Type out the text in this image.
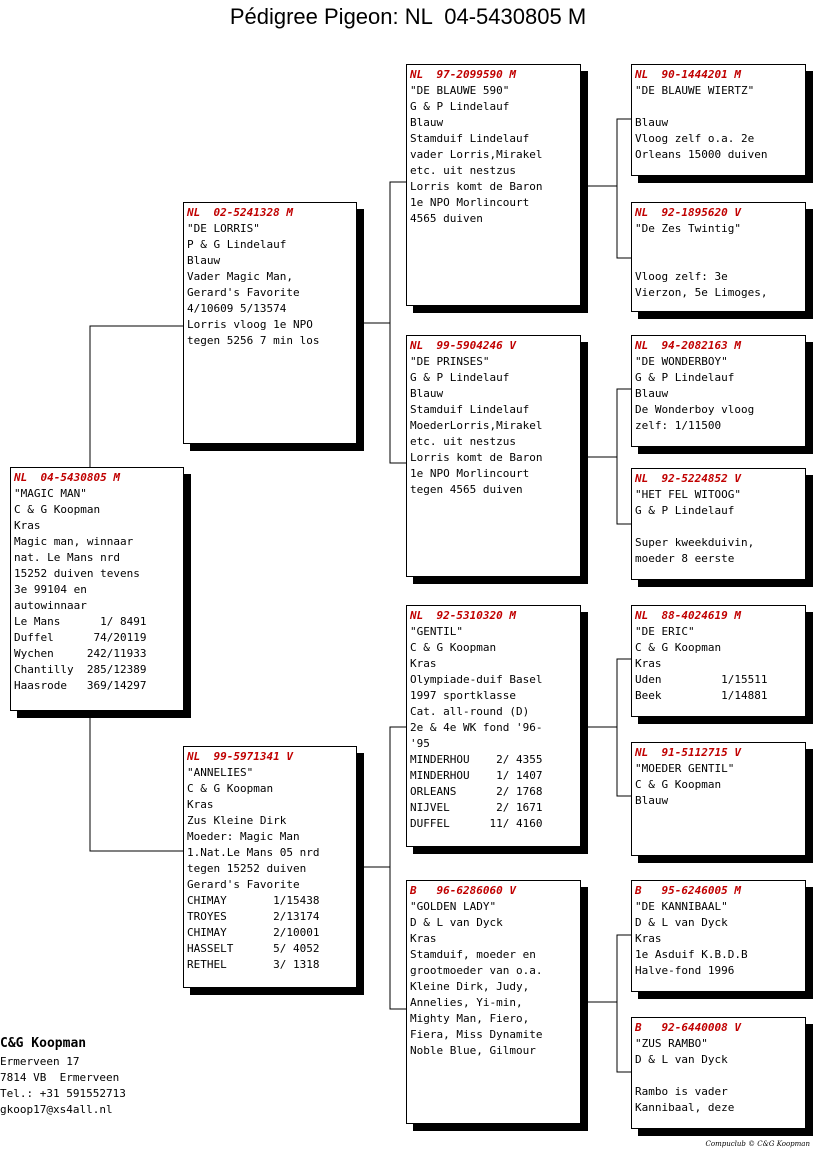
Pédigree Pigeon: NL  04-5430805 M
NL  04-5430805 M
"MAGIC MAN"
C & G Koopman
Kras
Magic man, winnaar
nat. Le Mans nrd
15252 duiven tevens
3e 99104 en
autowinnaar
Le Mans      1/ 8491
Duffel      74/20119
Wychen     242/11933
Chantilly  285/12389
Haasrode   369/14297
NL  02-5241328 M
"DE LORRIS"
P & G Lindelauf
Blauw
Vader Magic Man,
Gerard's Favorite
4/10609 5/13574
Lorris vloog 1e NPO
tegen 5256 7 min los
NL  99-5971341 V
"ANNELIES"
C & G Koopman
Kras
Zus Kleine Dirk
Moeder: Magic Man
1.Nat.Le Mans 05 nrd
tegen 15252 duiven
Gerard's Favorite
CHIMAY       1/15438
TROYES       2/13174
CHIMAY       2/10001
HASSELT      5/ 4052
RETHEL       3/ 1318
NL  97-2099590 M
"DE BLAUWE 590"
G & P Lindelauf
Blauw
Stamduif Lindelauf
vader Lorris,Mirakel
etc. uit nestzus
Lorris komt de Baron
1e NPO Morlincourt
4565 duiven
NL  99-5904246 V
"DE PRINSES"
G & P Lindelauf
Blauw
Stamduif Lindelauf
MoederLorris,Mirakel
etc. uit nestzus
Lorris komt de Baron
1e NPO Morlincourt
tegen 4565 duiven
NL  92-5310320 M
"GENTIL"
C & G Koopman
Kras
Olympiade-duif Basel
1997 sportklasse
Cat. all-round (D)
2e & 4e WK fond '96-
'95
MINDERHOU    2/ 4355
MINDERHOU    1/ 1407
ORLEANS      2/ 1768
NIJVEL       2/ 1671
DUFFEL      11/ 4160
B   96-6286060 V
"GOLDEN LADY"
D & L van Dyck
Kras
Stamduif, moeder en
grootmoeder van o.a.
Kleine Dirk, Judy,
Annelies, Yi-min,
Mighty Man, Fiero,
Fiera, Miss Dynamite
Noble Blue, Gilmour
NL  90-1444201 M
"DE BLAUWE WIERTZ"
Blauw
Vloog zelf o.a. 2e
Orleans 15000 duiven
NL  92-1895620 V
"De Zes Twintig"
Vloog zelf: 3e
Vierzon, 5e Limoges,
NL  94-2082163 M
"DE WONDERBOY"
G & P Lindelauf
Blauw
De Wonderboy vloog
zelf: 1/11500
NL  92-5224852 V
"HET FEL WITOOG"
G & P Lindelauf
Super kweekduivin,
moeder 8 eerste
NL  88-4024619 M
"DE ERIC"
C & G Koopman
Kras
Uden         1/15511
Beek         1/14881
NL  91-5112715 V
"MOEDER GENTIL"
C & G Koopman
Blauw
B   95-6246005 M
"DE KANNIBAAL"
D & L van Dyck
Kras
1e Asduif K.B.D.B
Halve-fond 1996
B   92-6440008 V
"ZUS RAMBO"
D & L van Dyck
Rambo is vader
Kannibaal, deze
C&G Koopman
Ermerveen 17
7814 VB  Ermerveen
Tel.: +31 591552713
gkoop17@xs4all.nl
Compuclub © C&G Koopman
